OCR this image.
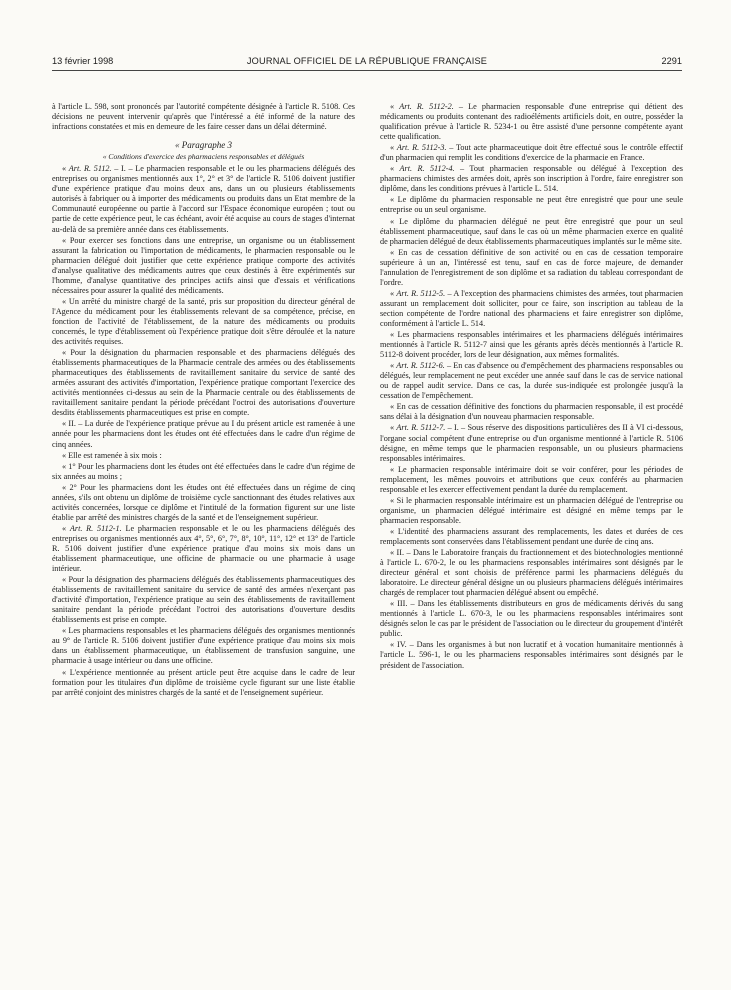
13 février 1998	JOURNAL OFFICIEL DE LA RÉPUBLIQUE FRANÇAISE	2291

à l'article L. 598, sont prononcés par l'autorité compétente désignée à l'article R. 5108. Ces décisions ne peuvent intervenir qu'après que l'intéressé a été informé de la nature des infractions constatées et mis en demeure de les faire cesser dans un délai déterminé.

« Paragraphe 3

« Conditions d'exercice des pharmaciens responsables et délégués

« Art. R. 5112. – I. – Le pharmacien responsable et le ou les pharmaciens délégués des entreprises ou organismes mentionnés aux 1°, 2° et 3° de l'article R. 5106 doivent justifier d'une expérience pratique d'au moins deux ans, dans un ou plusieurs établissements autorisés à fabriquer ou à importer des médicaments ou produits dans un Etat membre de la Communauté européenne ou partie à l'accord sur l'Espace économique européen ; tout ou partie de cette expérience peut, le cas échéant, avoir été acquise au cours de stages d'internat au-delà de sa première année dans ces établissements.

« Pour exercer ses fonctions dans une entreprise, un organisme ou un établissement assurant la fabrication ou l'importation de médicaments, le pharmacien responsable ou le pharmacien délégué doit justifier que cette expérience pratique comporte des activités d'analyse qualitative des médicaments autres que ceux destinés à être expérimentés sur l'homme, d'analyse quantitative des principes actifs ainsi que d'essais et vérifications nécessaires pour assurer la qualité des médicaments.

« Un arrêté du ministre chargé de la santé, pris sur proposition du directeur général de l'Agence du médicament pour les établissements relevant de sa compétence, précise, en fonction de l'activité de l'établissement, de la nature des médicaments ou produits concernés, le type d'établissement où l'expérience pratique doit s'être déroulée et la nature des activités requises.

« Pour la désignation du pharmacien responsable et des pharmaciens délégués des établissements pharmaceutiques de la Pharmacie centrale des armées ou des établissements pharmaceutiques des établissements de ravitaillement sanitaire du service de santé des armées assurant des activités d'importation, l'expérience pratique comportant l'exercice des activités mentionnées ci-dessus au sein de la Pharmacie centrale ou des établissements de ravitaillement sanitaire pendant la période précédant l'octroi des autorisations d'ouverture desdits établissements pharmaceutiques est prise en compte.

« II. – La durée de l'expérience pratique prévue au I du présent article est ramenée à une année pour les pharmaciens dont les études ont été effectuées dans le cadre d'un régime de cinq années.

« Elle est ramenée à six mois :

« 1° Pour les pharmaciens dont les études ont été effectuées dans le cadre d'un régime de six années au moins ;

« 2° Pour les pharmaciens dont les études ont été effectuées dans un régime de cinq années, s'ils ont obtenu un diplôme de troisième cycle sanctionnant des études relatives aux activités concernées, lorsque ce diplôme et l'intitulé de la formation figurent sur une liste établie par arrêté des ministres chargés de la santé et de l'enseignement supérieur.

« Art. R. 5112-1. Le pharmacien responsable et le ou les pharmaciens délégués des entreprises ou organismes mentionnés aux 4°, 5°, 6°, 7°, 8°, 10°, 11°, 12° et 13° de l'article R. 5106 doivent justifier d'une expérience pratique d'au moins six mois dans un établissement pharmaceutique, une officine de pharmacie ou une pharmacie à usage intérieur.

« Pour la désignation des pharmaciens délégués des établissements pharmaceutiques des établissements de ravitaillement sanitaire du service de santé des armées n'exerçant pas d'activité d'importation, l'expérience pratique au sein des établissements de ravitaillement sanitaire pendant la période précédant l'octroi des autorisations d'ouverture desdits établissements est prise en compte.

« Les pharmaciens responsables et les pharmaciens délégués des organismes mentionnés au 9° de l'article R. 5106 doivent justifier d'une expérience pratique d'au moins six mois dans un établissement pharmaceutique, un établissement de transfusion sanguine, une pharmacie à usage intérieur ou dans une officine.

« L'expérience mentionnée au présent article peut être acquise dans le cadre de leur formation pour les titulaires d'un diplôme de troisième cycle figurant sur une liste établie par arrêté conjoint des ministres chargés de la santé et de l'enseignement supérieur.

« Art. R. 5112-2. – Le pharmacien responsable d'une entreprise qui détient des médicaments ou produits contenant des radioéléments artificiels doit, en outre, posséder la qualification prévue à l'article R. 5234-1 ou être assisté d'une personne compétente ayant cette qualification.

« Art. R. 5112-3. – Tout acte pharmaceutique doit être effectué sous le contrôle effectif d'un pharmacien qui remplit les conditions d'exercice de la pharmacie en France.

« Art. R. 5112-4. – Tout pharmacien responsable ou délégué à l'exception des pharmaciens chimistes des armées doit, après son inscription à l'ordre, faire enregistrer son diplôme, dans les conditions prévues à l'article L. 514.

« Le diplôme du pharmacien responsable ne peut être enregistré que pour une seule entreprise ou un seul organisme.

« Le diplôme du pharmacien délégué ne peut être enregistré que pour un seul établissement pharmaceutique, sauf dans le cas où un même pharmacien exerce en qualité de pharmacien délégué de deux établissements pharmaceutiques implantés sur le même site.

« En cas de cessation définitive de son activité ou en cas de cessation temporaire supérieure à un an, l'intéressé est tenu, sauf en cas de force majeure, de demander l'annulation de l'enregistrement de son diplôme et sa radiation du tableau correspondant de l'ordre.

« Art. R. 5112-5. – A l'exception des pharmaciens chimistes des armées, tout pharmacien assurant un remplacement doit solliciter, pour ce faire, son inscription au tableau de la section compétente de l'ordre national des pharmaciens et faire enregistrer son diplôme, conformément à l'article L. 514.

« Les pharmaciens responsables intérimaires et les pharmaciens délégués intérimaires mentionnés à l'article R. 5112-7 ainsi que les gérants après décès mentionnés à l'article R. 5112-8 doivent procéder, lors de leur désignation, aux mêmes formalités.

« Art. R. 5112-6. – En cas d'absence ou d'empêchement des pharmaciens responsables ou délégués, leur remplacement ne peut excéder une année sauf dans le cas de service national ou de rappel audit service. Dans ce cas, la durée sus-indiquée est prolongée jusqu'à la cessation de l'empêchement.

« En cas de cessation définitive des fonctions du pharmacien responsable, il est procédé sans délai à la désignation d'un nouveau pharmacien responsable.

« Art. R. 5112-7. – I. – Sous réserve des dispositions particulières des II à VI ci-dessous, l'organe social compétent d'une entreprise ou d'un organisme mentionné à l'article R. 5106 désigne, en même temps que le pharmacien responsable, un ou plusieurs pharmaciens responsables intérimaires.

« Le pharmacien responsable intérimaire doit se voir conférer, pour les périodes de remplacement, les mêmes pouvoirs et attributions que ceux conférés au pharmacien responsable et les exercer effectivement pendant la durée du remplacement.

« Si le pharmacien responsable intérimaire est un pharmacien délégué de l'entreprise ou organisme, un pharmacien délégué intérimaire est désigné en même temps par le pharmacien responsable.

« L'identité des pharmaciens assurant des remplacements, les dates et durées de ces remplacements sont conservées dans l'établissement pendant une durée de cinq ans.

« II. – Dans le Laboratoire français du fractionnement et des biotechnologies mentionné à l'article L. 670-2, le ou les pharmaciens responsables intérimaires sont désignés par le directeur général et sont choisis de préférence parmi les pharmaciens délégués du laboratoire. Le directeur général désigne un ou plusieurs pharmaciens délégués intérimaires chargés de remplacer tout pharmacien délégué absent ou empêché.

« III. – Dans les établissements distributeurs en gros de médicaments dérivés du sang mentionnés à l'article L. 670-3, le ou les pharmaciens responsables intérimaires sont désignés selon le cas par le président de l'association ou le directeur du groupement d'intérêt public.

« IV. – Dans les organismes à but non lucratif et à vocation humanitaire mentionnés à l'article L. 596-1, le ou les pharmaciens responsables intérimaires sont désignés par le président de l'association.
